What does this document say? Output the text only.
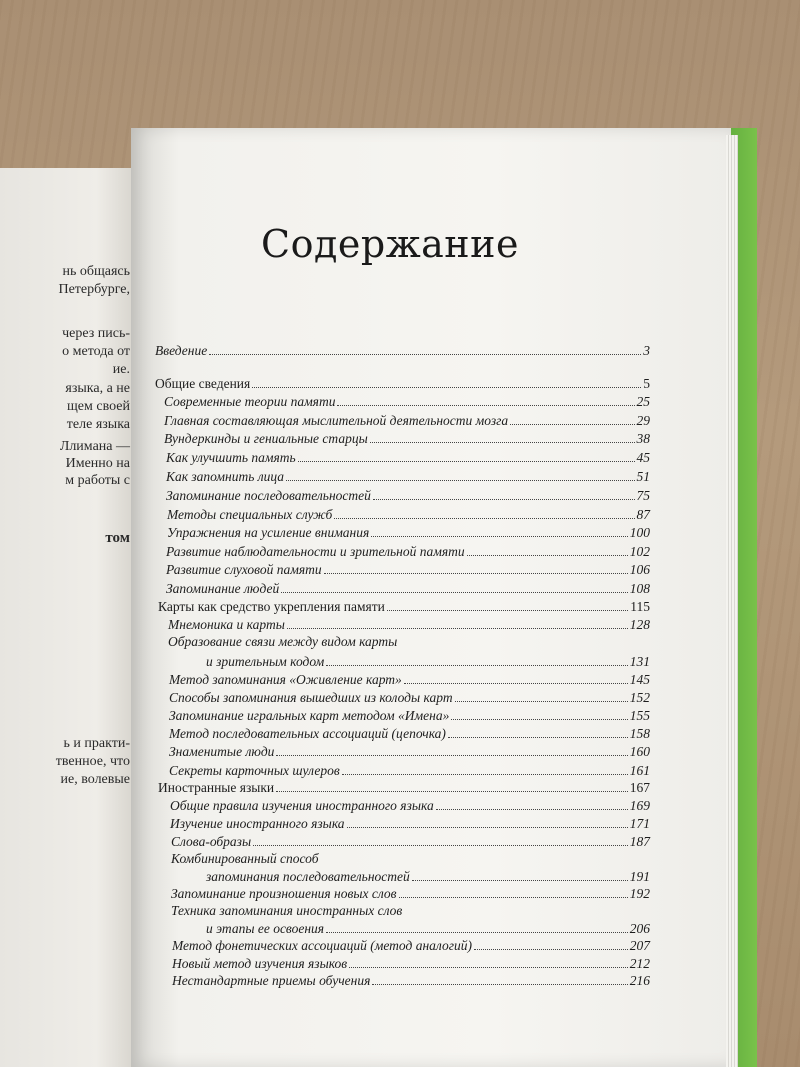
нь общаясь
Петербурге,
через пись-
о метода от
ие.
языка, а не
щем своей
теле языка
Ллимана —
Именно на
м работы с
том
ь и практи-
твенное, что
ие, волевые
Содержание
Введение	3
Общие сведения	5
Современные теории памяти	25
Главная составляющая мыслительной деятельности мозга	29
Вундеркинды и гениальные старцы	38
Как улучшить память	45
Как запомнить лица	51
Запоминание последовательностей	75
Методы специальных служб	87
Упражнения на усиление внимания	100
Развитие наблюдательности и зрительной памяти	102
Развитие слуховой памяти	106
Запоминание людей	108
Карты как средство укрепления памяти	115
Мнемоника и карты	128
Образование связи между видом карты
и зрительным кодом	131
Метод запоминания «Оживление карт»	145
Способы запоминания вышедших из колоды карт	152
Запоминание игральных карт методом «Имена»	155
Метод последовательных ассоциаций (цепочка)	158
Знаменитые люди	160
Секреты карточных шулеров	161
Иностранные языки	167
Общие правила изучения иностранного языка	169
Изучение иностранного языка	171
Слова-образы	187
Комбинированный способ
запоминания последовательностей	191
Запоминание произношения новых слов	192
Техника запоминания иностранных слов
и этапы ее освоения	206
Метод фонетических ассоциаций (метод аналогий)	207
Новый метод изучения языков	212
Нестандартные приемы обучения	216
